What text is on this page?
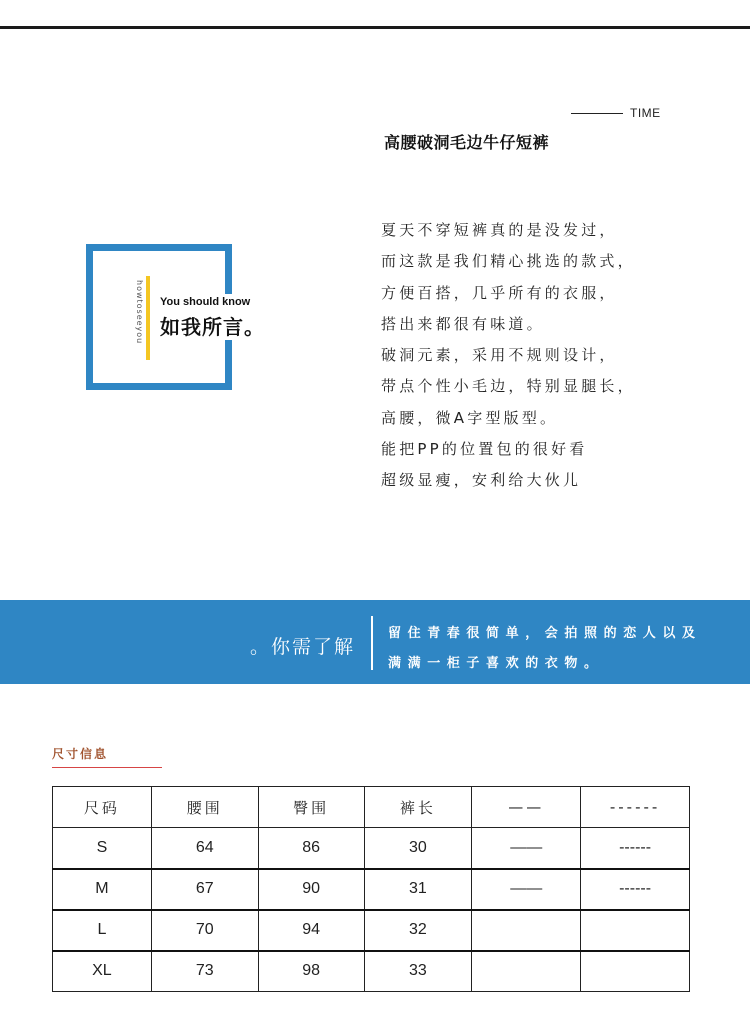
TIME
高腰破洞毛边牛仔短裤
howtoseeyou You should know
如我所言。
夏天不穿短裤真的是没发过，
而这款是我们精心挑选的款式，
方便百搭，几乎所有的衣服，
搭出来都很有味道。
破洞元素，采用不规则设计，
带点个性小毛边，特别显腿长，
高腰，微A字型版型。
能把PP的位置包的很好看
超级显瘦，安利给大伙儿
。你需了解
留住青春很简单，会拍照的恋人以及
满满一柜子喜欢的衣物。
尺寸信息
尺码	腰围	臀围	裤长	——	------
S	64	86	30	——	------
M	67	90	31	——	------
L	70	94	32		
XL	73	98	33		
